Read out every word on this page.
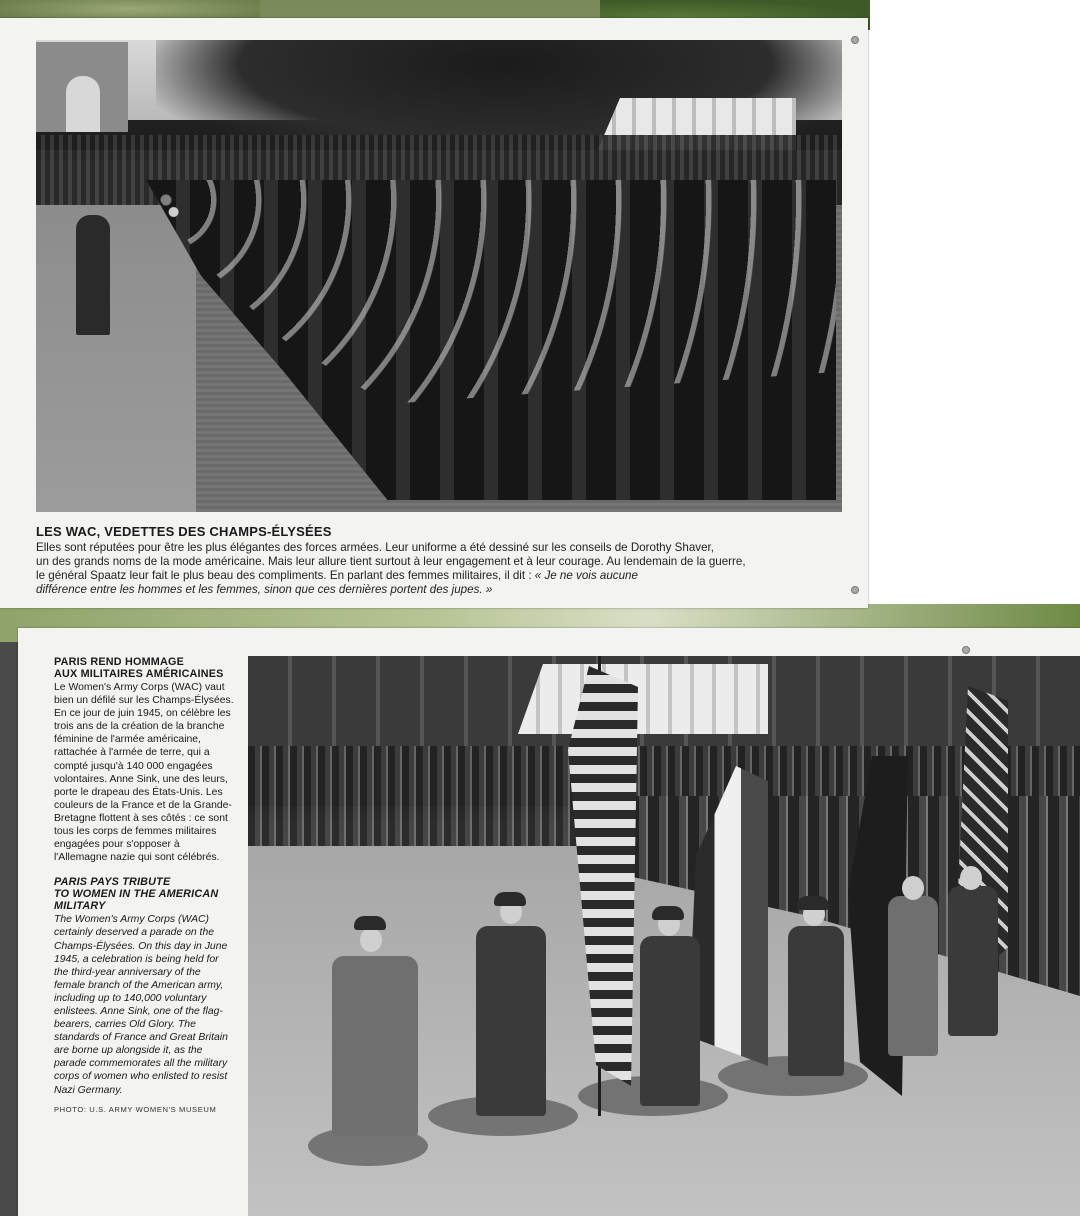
LES WAC, VEDETTES DES CHAMPS-ÉLYSÉES

Elles sont réputées pour être les plus élégantes des forces armées. Leur uniforme a été dessiné sur les conseils de Dorothy Shaver,
un des grands noms de la mode américaine. Mais leur allure tient surtout à leur engagement et à leur courage. Au lendemain de la guerre,
le général Spaatz leur fait le plus beau des compliments. En parlant des femmes militaires, il dit : « Je ne vois aucune
différence entre les hommes et les femmes, sinon que ces dernières portent des jupes. »

PARIS REND HOMMAGE
AUX MILITAIRES AMÉRICAINES

Le Women's Army Corps (WAC) vaut bien un défilé sur les Champs-Élysées. En ce jour de juin 1945, on célèbre les trois ans de la création de la branche féminine de l'armée américaine, rattachée à l'armée de terre, qui a compté jusqu'à 140 000 engagées volontaires. Anne Sink, une des leurs, porte le drapeau des États-Unis. Les couleurs de la France et de la Grande-Bretagne flottent à ses côtés : ce sont tous les corps de femmes militaires engagées pour s'opposer à l'Allemagne nazie qui sont célébrés.

PARIS PAYS TRIBUTE
TO WOMEN IN THE AMERICAN
MILITARY

The Women's Army Corps (WAC) certainly deserved a parade on the Champs-Élysées. On this day in June 1945, a celebration is being held for the third-year anniversary of the female branch of the American army, including up to 140,000 voluntary enlistees. Anne Sink, one of the flag-bearers, carries Old Glory. The standards of France and Great Britain are borne up alongside it, as the parade commemorates all the military corps of women who enlisted to resist Nazi Germany.

PHOTO: U.S. ARMY WOMEN'S MUSEUM
